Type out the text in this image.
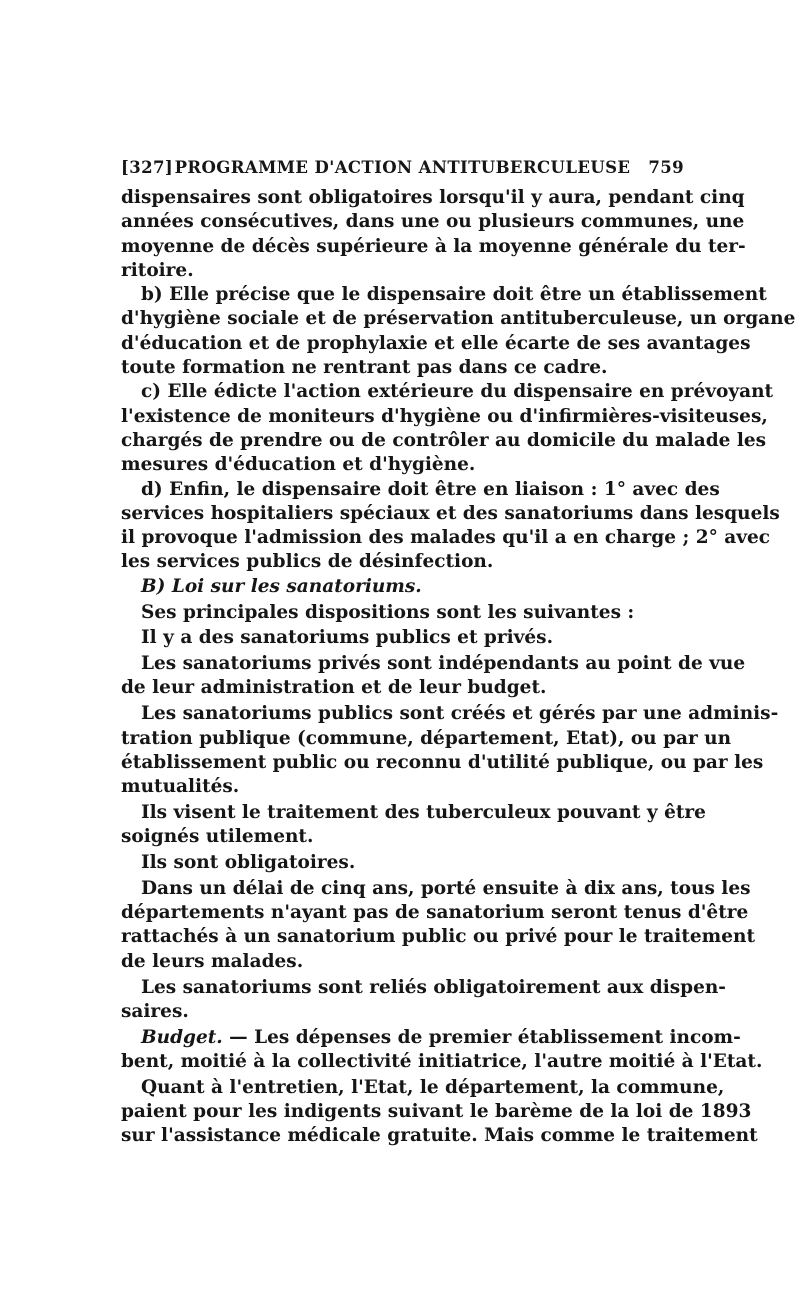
[327] PROGRAMME D'ACTION ANTITUBERCULEUSE	759

dispensaires sont obligatoires lorsqu'il y aura, pendant cinq

années consécutives, dans une ou plusieurs communes, une

moyenne de décès supérieure à la moyenne générale du ter-

ritoire.

b) Elle précise que le dispensaire doit être un établissement

d'hygiène sociale et de préservation antituberculeuse, un organe

d'éducation et de prophylaxie et elle écarte de ses avantages

toute formation ne rentrant pas dans ce cadre.

c) Elle édicte l'action extérieure du dispensaire en prévoyant

l'existence de moniteurs d'hygiène ou d'infirmières-visiteuses,

chargés de prendre ou de contrôler au domicile du malade les

mesures d'éducation et d'hygiène.

d) Enfin, le dispensaire doit être en liaison : 1° avec des

services hospitaliers spéciaux et des sanatoriums dans lesquels

il provoque l'admission des malades qu'il a en charge ; 2° avec

les services publics de désinfection.

B) Loi sur les sanatoriums.

Ses principales dispositions sont les suivantes :

Il y a des sanatoriums publics et privés.

Les sanatoriums privés sont indépendants au point de vue

de leur administration et de leur budget.

Les sanatoriums publics sont créés et gérés par une adminis-

tration publique (commune, département, Etat), ou par un

établissement public ou reconnu d'utilité publique, ou par les

mutualités.

Ils visent le traitement des tuberculeux pouvant y être

soignés utilement.

Ils sont obligatoires.

Dans un délai de cinq ans, porté ensuite à dix ans, tous les

départements n'ayant pas de sanatorium seront tenus d'être

rattachés à un sanatorium public ou privé pour le traitement

de leurs malades.

Les sanatoriums sont reliés obligatoirement aux dispen-

saires.

Budget. — Les dépenses de premier établissement incom-

bent, moitié à la collectivité initiatrice, l'autre moitié à l'Etat.

Quant à l'entretien, l'Etat, le département, la commune,

paient pour les indigents suivant le barème de la loi de 1893

sur l'assistance médicale gratuite. Mais comme le traitement
